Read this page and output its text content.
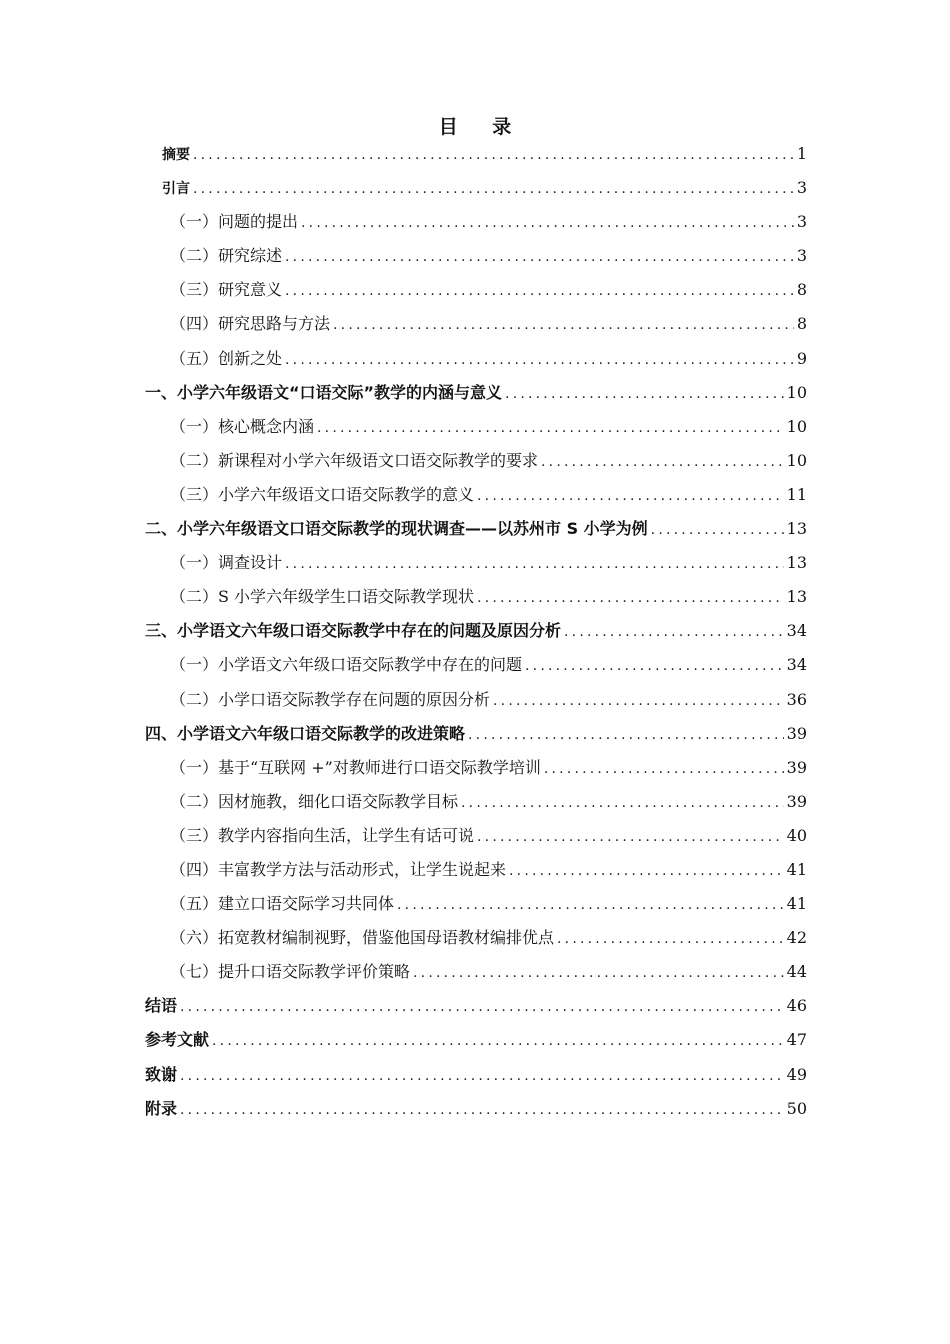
目 录
摘要 .....	1
引言 .....	3
（一）问题的提出 .....	3
（二）研究综述 .....	3
（三）研究意义 .....	8
（四）研究思路与方法 .....	8
（五）创新之处 .....	9
一、小学六年级语文“口语交际”教学的内涵与意义 .....	10
（一）核心概念内涵 .....	10
（二）新课程对小学六年级语文口语交际教学的要求 .....	10
（三）小学六年级语文口语交际教学的意义 .....	11
二、小学六年级语文口语交际教学的现状调查——以苏州市 S 小学为例 .....	13
（一）调查设计 .....	13
（二）S 小学六年级学生口语交际教学现状 .....	13
三、小学语文六年级口语交际教学中存在的问题及原因分析 .....	34
（一）小学语文六年级口语交际教学中存在的问题 .....	34
（二）小学口语交际教学存在问题的原因分析 .....	36
四、小学语文六年级口语交际教学的改进策略 .....	39
（一）基于“互联网 +”对教师进行口语交际教学培训 .....	39
（二）因材施教，细化口语交际教学目标 .....	39
（三）教学内容指向生活，让学生有话可说 .....	40
（四）丰富教学方法与活动形式，让学生说起来 .....	41
（五）建立口语交际学习共同体 .....	41
（六）拓宽教材编制视野，借鉴他国母语教材编排优点 .....	42
（七）提升口语交际教学评价策略 .....	44
结语 .....	46
参考文献 .....	47
致谢 .....	49
附录 .....	50
